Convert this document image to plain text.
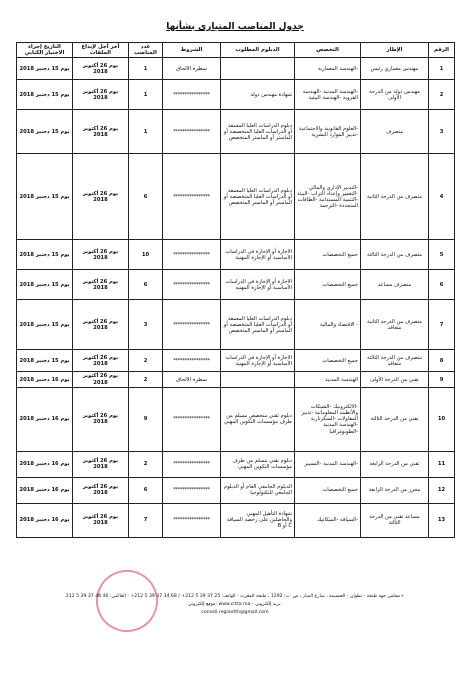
جدول المناصب المتبارى بشأنها
الرقم	الإطار	التخصص	الدبلوم المطلوب	الشروط	عدد المناصب	آخر أجل لإيداع الملفات	التاريخ إجراء الاختبار الكتابي
1	مهندس معماري رئيس	-الهندسة المعمارية		سطرة الالحاق	1	يوم 26 أكتوبر 2018	يوم 15 دجنبر 2018
2	مهندس دولة من الدرجة الأولى	-الهندسة المدنية -الهندسة القروية -الهندسة البيئية	شهادة مهندس دولة	****************	1	يوم 26 أكتوبر 2018	يوم 15 دجنبر 2018
3	متصرف	-العلوم القانونية والاجتماعية -تدبير الموارد البشرية	دبلوم الدراسات العليا المعمقة أو الدراسات العليا المتخصصة أو الماستر أو الماستر المتخصص	****************	1	يوم 26 أكتوبر 2018	يوم 15 دجنبر 2018
4	متصرف من الدرجة الثانية	-التدبير الإداري والمالي -التعمير وإعداد التراب -البيئة -التنمية المستدامة -الطاقات المتجددة -الترجمة	دبلوم الدراسات العليا المعمقة أو الدراسات العليا المتخصصة أو الماستر أو الماستر المتخصص	****************	6	يوم 26 أكتوبر 2018	يوم 15 دجنبر 2018
5	متصرف من الدرجة الثالثة	جميع التخصصات	الاجازة أو الإجازة في الدراسات الأساسية أو الإجازة المهنية	****************	10	يوم 26 أكتوبر 2018	يوم 15 دجنبر 2018
6	متصرف مساعد	جميع التخصصات	الاجازة أو الإجازة في الدراسات الأساسية أو الإجازة المهنية	****************	6	يوم 26 أكتوبر 2018	يوم 15 دجنبر 2018
7	متصرف من الدرجة الثانية متعاقد	- الاقتصاد والمالية	دبلوم الدراسات العليا المعمقة أو الدراسات العليا المتخصصة أو الماستر أو الماستر المتخصص	****************	3	يوم 26 أكتوبر 2018	يوم 15 دجنبر 2018
8	متصرف من الدرجة الثالثة متعاقد	جميع التخصصات	الاجازة أو الإجازة في الدراسات الأساسية أو الإجازة المهنية	****************	2	يوم 26 أكتوبر 2018	يوم 15 دجنبر 2018
9	تقني من الدرجة الأولى	الهندسة المدنية		سطرة الالحاق	2	يوم 26 أكتوبر 2018	يوم 16 دجنبر 2018
10	تقني من الدرجة الثالثة	-الالكترونيك -الشبكات والأنظمة المعلوماتية -تدبير المقاولات -السكرتارية -الهندسة المدنية -الطوبوغرافيا	دبلوم تقني متخصص مسلم من طرف مؤسسات التكوين المهني	****************	9	يوم 26 أكتوبر 2018	يوم 16 دجنبر 2018
11	تقني من الدرجة الرابعة	-الهندسة المدنية -التسيير	دبلوم تقني مسلم من طرف مؤسسات التكوين المهني	****************	2	يوم 26 أكتوبر 2018	يوم 16 دجنبر 2018
12	محرر من الدرجة الرابعة	جميع التخصصات	الدبلوم الجامعي العام أو الدبلوم الجامعي للتكنولوجيا	****************	6	يوم 26 أكتوبر 2018	يوم 16 دجنبر 2018
13	مساعد تقني من الدرجة الثالثة	-السياقة -الميكانيك	شهادة التأهيل المهني والحاصلين على رخصة السياقة C أو B	****************	7	يوم 26 أكتوبر 2018	يوم 16 دجنبر 2018
مجلس جهة طنجة - تطوان - الحسيمة ، شارع المنار ، ص. ب: 1292 ، طنجة المغرب - الهاتف: 25 37 39 5 212+ / 68 34 37 39 5 212+ - الفاكس: 46 48 37 39 5 212+
موقع إلكتروني: www.crtta.ma - بريد إلكتروني:
conseil.regiontth@gmail.com
